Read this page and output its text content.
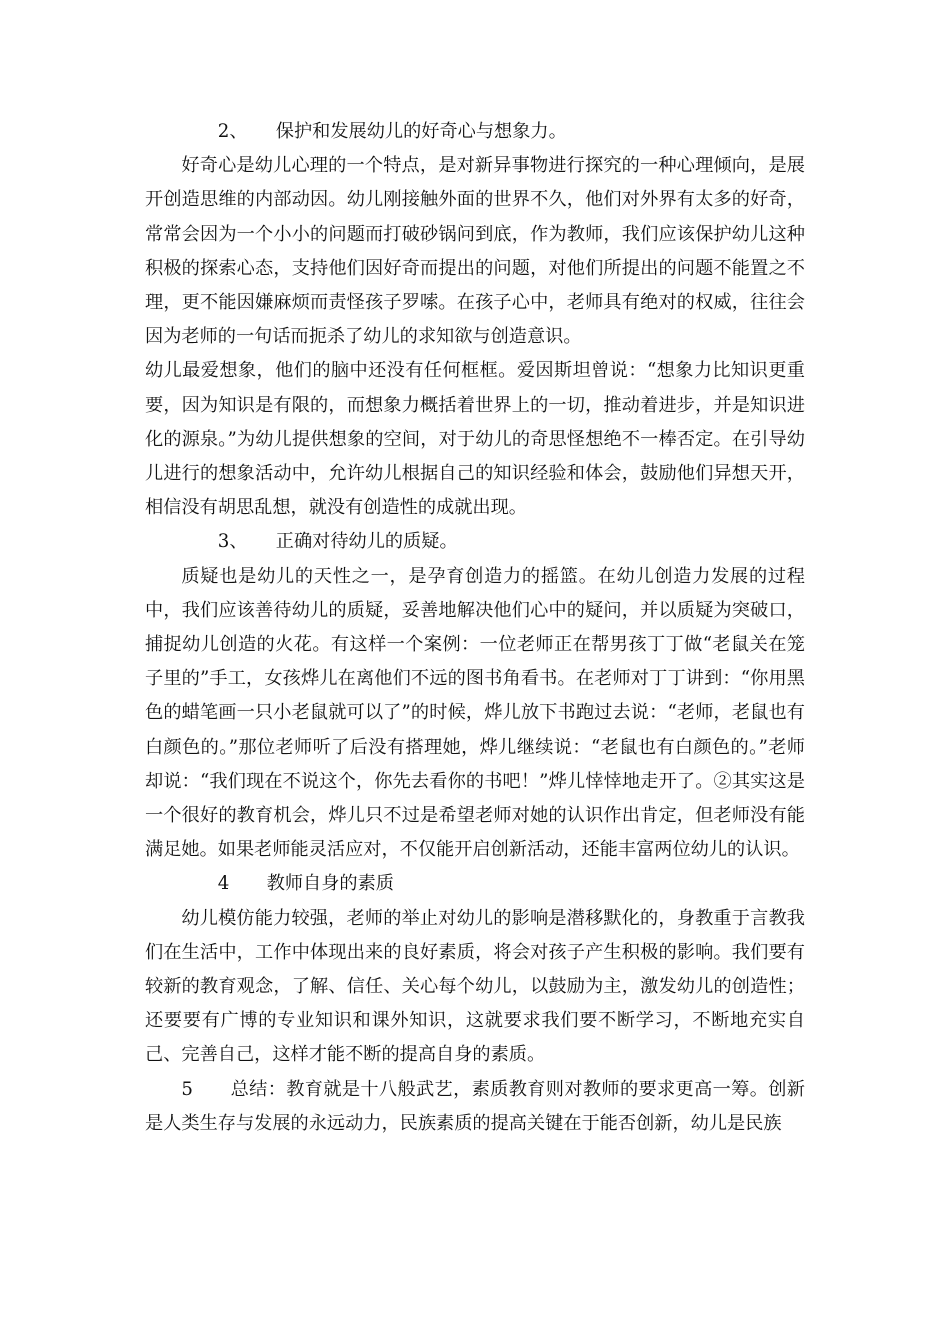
2、 保护和发展幼儿的好奇心与想象力。

好奇心是幼儿心理的一个特点，是对新异事物进行探究的一种心理倾向，是展开创造思维的内部动因。幼儿刚接触外面的世界不久，他们对外界有太多的好奇，常常会因为一个小小的问题而打破砂锅问到底，作为教师，我们应该保护幼儿这种积极的探索心态，支持他们因好奇而提出的问题，对他们所提出的问题不能置之不理，更不能因嫌麻烦而责怪孩子罗嗦。在孩子心中，老师具有绝对的权威，往往会因为老师的一句话而扼杀了幼儿的求知欲与创造意识。

幼儿最爱想象，他们的脑中还没有任何框框。爱因斯坦曾说：“想象力比知识更重要，因为知识是有限的，而想象力概括着世界上的一切，推动着进步，并是知识进化的源泉。”为幼儿提供想象的空间，对于幼儿的奇思怪想绝不一棒否定。在引导幼儿进行的想象活动中，允许幼儿根据自己的知识经验和体会，鼓励他们异想天开，相信没有胡思乱想，就没有创造性的成就出现。

3、 正确对待幼儿的质疑。

质疑也是幼儿的天性之一，是孕育创造力的摇篮。在幼儿创造力发展的过程中，我们应该善待幼儿的质疑，妥善地解决他们心中的疑问，并以质疑为突破口，捕捉幼儿创造的火花。有这样一个案例：一位老师正在帮男孩丁丁做“老鼠关在笼子里的”手工，女孩烨儿在离他们不远的图书角看书。在老师对丁丁讲到：“你用黑色的蜡笔画一只小老鼠就可以了”的时候，烨儿放下书跑过去说：“老师，老鼠也有白颜色的。”那位老师听了后没有搭理她，烨儿继续说：“老鼠也有白颜色的。”老师却说：“我们现在不说这个，你先去看你的书吧！”烨儿悻悻地走开了。②其实这是一个很好的教育机会，烨儿只不过是希望老师对她的认识作出肯定，但老师没有能满足她。如果老师能灵活应对，不仅能开启创新活动，还能丰富两位幼儿的认识。

4 教师自身的素质

幼儿模仿能力较强，老师的举止对幼儿的影响是潜移默化的，身教重于言教我们在生活中，工作中体现出来的良好素质，将会对孩子产生积极的影响。我们要有较新的教育观念，了解、信任、关心每个幼儿，以鼓励为主，激发幼儿的创造性；还要要有广博的专业知识和课外知识，这就要求我们要不断学习，不断地充实自己、完善自己，这样才能不断的提高自身的素质。

5 总结：教育就是十八般武艺，素质教育则对教师的要求更高一筹。创新是人类生存与发展的永远动力，民族素质的提高关键在于能否创新，幼儿是民族
